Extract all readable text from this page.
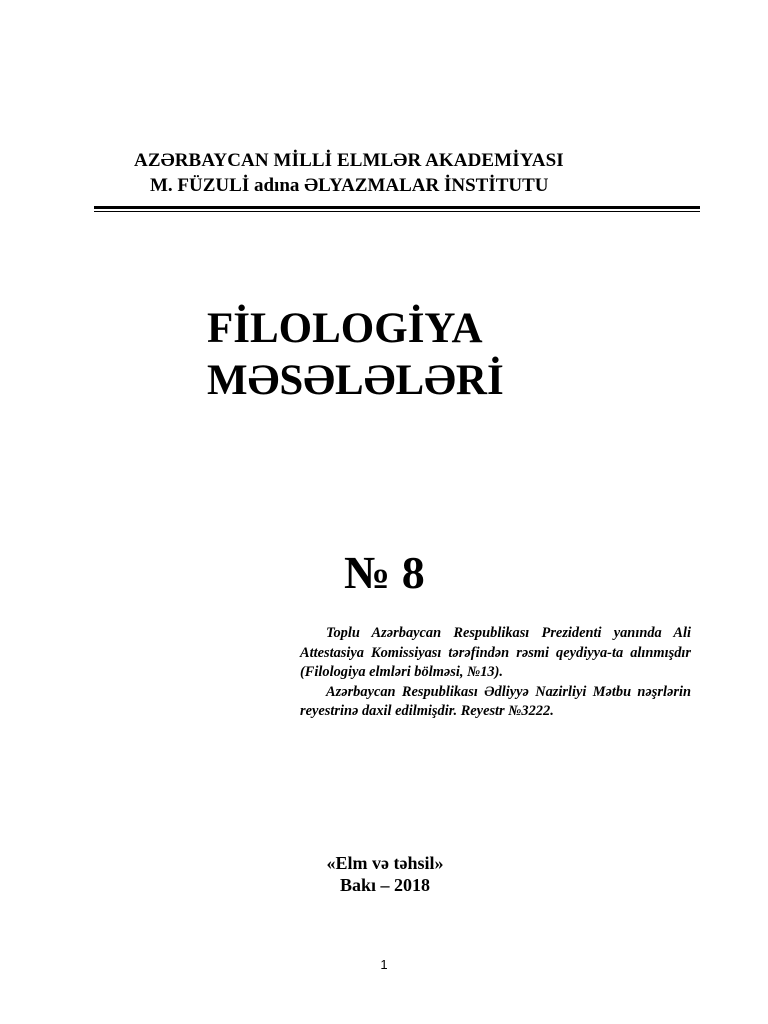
AZƏRBAYCAN MİLLİ ELMLƏR AKADEMİYASI
M. FÜZULİ adına ƏLYAZMALAR İNSTİTUTU
FİLOLOGİYA
MƏSƏLƏLƏRİ
№ 8

Toplu Azərbaycan Respublikası Prezidenti yanında Ali Attestasiya Komissiyası tərəfindən rəsmi qeydiyya-ta alınmışdır (Filologiya elmləri bölməsi, №13).

Azərbaycan Respublikası Ədliyyə Nazirliyi Mətbu nəşrlərin reyestrinə daxil edilmişdir. Reyestr №3222.

«Elm və təhsil»
Bakı – 2018
1
